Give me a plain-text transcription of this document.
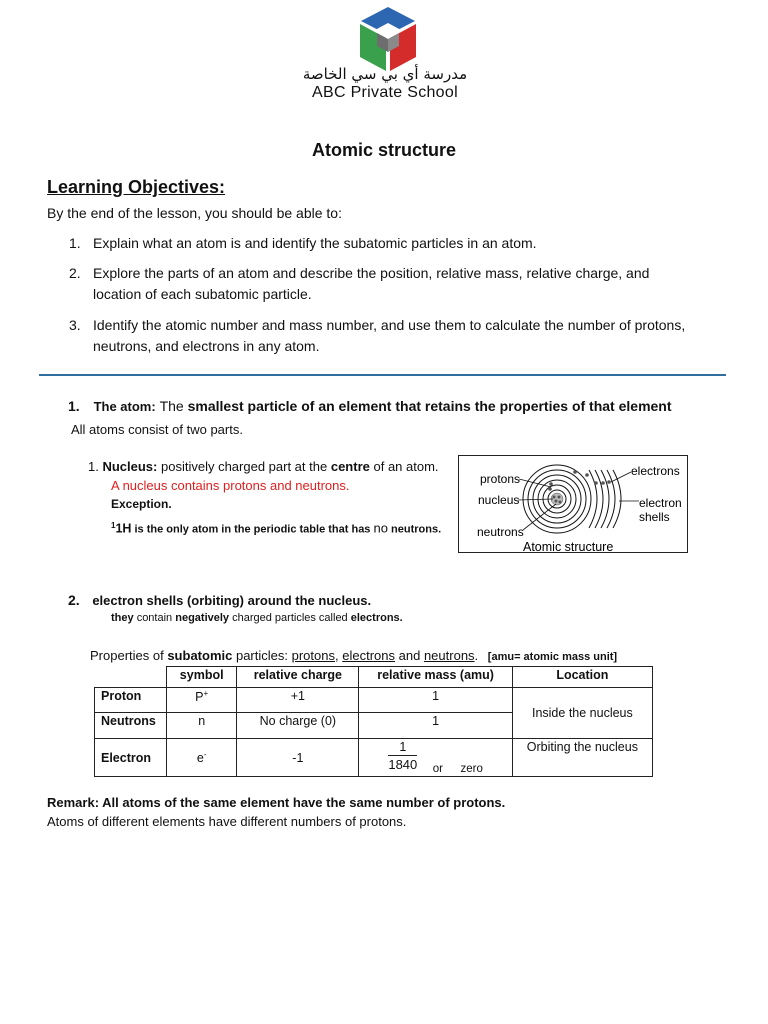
مدرسة أي بي سي الخاصة
ABC Private School
Atomic structure
Learning Objectives:
By the end of the lesson, you should be able to:
1. Explain what an atom is and identify the subatomic particles in an atom.
2. Explore the parts of an atom and describe the position, relative mass, relative charge, and location of each subatomic particle.
3. Identify the atomic number and mass number, and use them to calculate the number of protons, neutrons, and electrons in any atom.
1. The atom: The smallest particle of an element that retains the properties of that element
All atoms consist of two parts.
1. Nucleus: positively charged part at the centre of an atom.
A nucleus contains protons and neutrons.
Exception.
$^1$1H is the only atom in the periodic table that has no neutrons.
protons
nucleus
neutrons
electrons
electron
shells
Atomic structure
2. electron shells (orbiting) around the nucleus.
they contain negatively charged particles called electrons.
Properties of subatomic particles: protons, electrons and neutrons. [amu= atomic mass unit]
	symbol	relative charge	relative mass (amu)	Location
Proton	P+	+1	1	Inside the nucleus
Neutrons	n	No charge (0)	1	
Electron	e-	-1	$\frac{1}{1840}$ or zero	Orbiting the nucleus
Remark: All atoms of the same element have the same number of protons.
Atoms of different elements have different numbers of protons.
